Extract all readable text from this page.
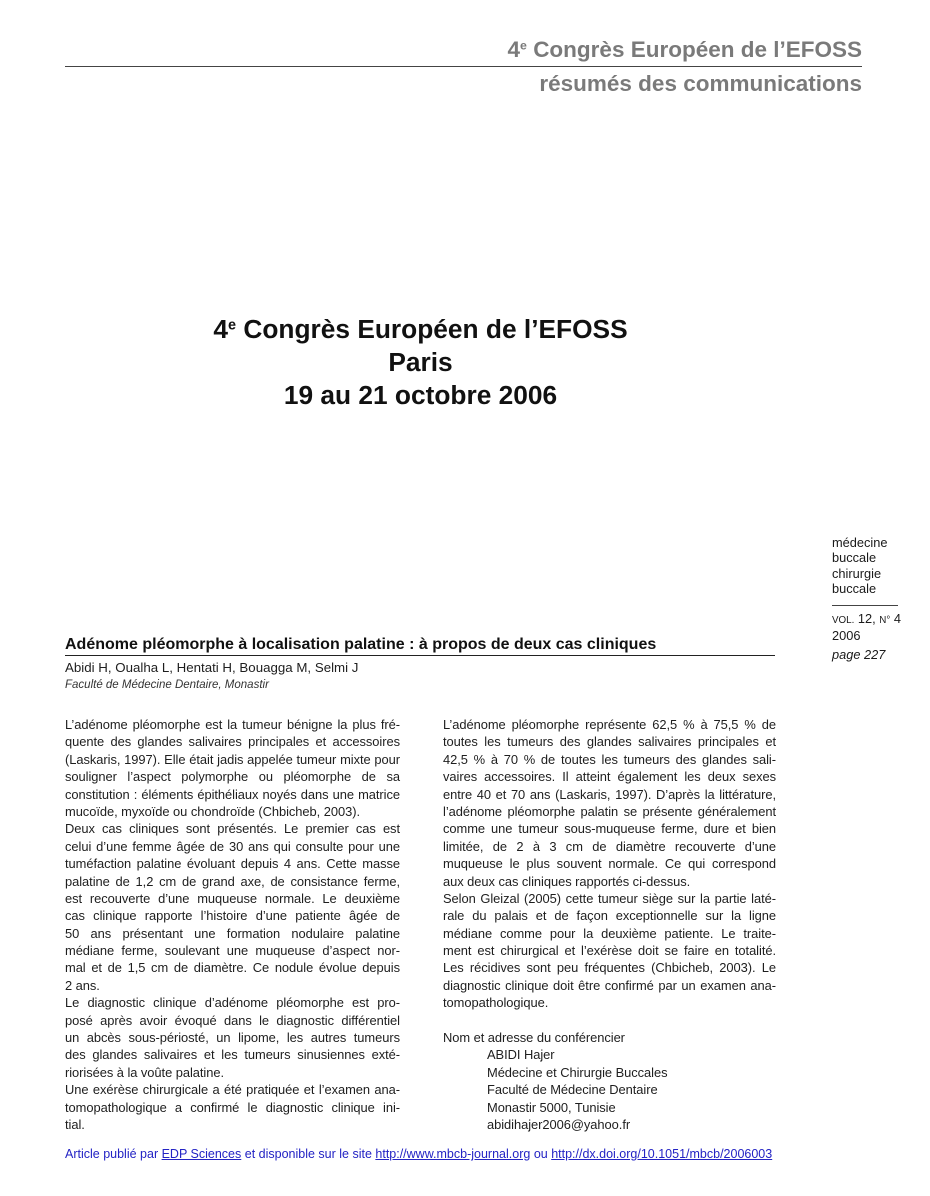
4e Congrès Européen de l’EFOSS
résumés des communications
4e Congrès Européen de l’EFOSS
Paris
19 au 21 octobre 2006
médecine
buccale
chirurgie
buccale
VOL. 12, N° 4
2006
page 227
Adénome pléomorphe à localisation palatine : à propos de deux cas cliniques
Abidi H, Oualha L, Hentati H, Bouagga M, Selmi J
Faculté de Médecine Dentaire, Monastir
L’adénome pléomorphe est la tumeur bénigne la plus fré-
quente des glandes salivaires principales et accessoires
(Laskaris, 1997). Elle était jadis appelée tumeur mixte pour
souligner l’aspect polymorphe ou pléomorphe de sa
constitution : éléments épithéliaux noyés dans une matrice
mucoïde, myxoïde ou chondroïde (Chbicheb, 2003).
Deux cas cliniques sont présentés. Le premier cas est
celui d’une femme âgée de 30 ans qui consulte pour une
tuméfaction palatine évoluant depuis 4 ans. Cette masse
palatine de 1,2 cm de grand axe, de consistance ferme,
est recouverte d’une muqueuse normale. Le deuxième
cas clinique rapporte l’histoire d’une patiente âgée de
50 ans présentant une formation nodulaire palatine
médiane ferme, soulevant une muqueuse d’aspect nor-
mal et de 1,5 cm de diamètre. Ce nodule évolue depuis
2 ans.
Le diagnostic clinique d’adénome pléomorphe est pro-
posé après avoir évoqué dans le diagnostic différentiel
un abcès sous-périosté, un lipome, les autres tumeurs
des glandes salivaires et les tumeurs sinusiennes exté-
riorisées à la voûte palatine.
Une exérèse chirurgicale a été pratiquée et l’examen ana-
tomopathologique a confirmé le diagnostic clinique ini-
tial.
L’adénome pléomorphe représente 62,5 % à 75,5 % de
toutes les tumeurs des glandes salivaires principales et
42,5 % à 70 % de toutes les tumeurs des glandes sali-
vaires accessoires. Il atteint également les deux sexes
entre 40 et 70 ans (Laskaris, 1997). D’après la littérature,
l’adénome pléomorphe palatin se présente généralement
comme une tumeur sous-muqueuse ferme, dure et bien
limitée, de 2 à 3 cm de diamètre recouverte d’une
muqueuse le plus souvent normale. Ce qui correspond
aux deux cas cliniques rapportés ci-dessus.
Selon Gleizal (2005) cette tumeur siège sur la partie laté-
rale du palais et de façon exceptionnelle sur la ligne
médiane comme pour la deuxième patiente. Le traite-
ment est chirurgical et l’exérèse doit se faire en totalité.
Les récidives sont peu fréquentes (Chbicheb, 2003). Le
diagnostic clinique doit être confirmé par un examen ana-
tomopathologique.
Nom et adresse du conférencier
ABIDI Hajer
Médecine et Chirurgie Buccales
Faculté de Médecine Dentaire
Monastir 5000, Tunisie
abidihajer2006@yahoo.fr
Article publié par EDP Sciences et disponible sur le site http://www.mbcb-journal.org ou http://dx.doi.org/10.1051/mbcb/2006003
